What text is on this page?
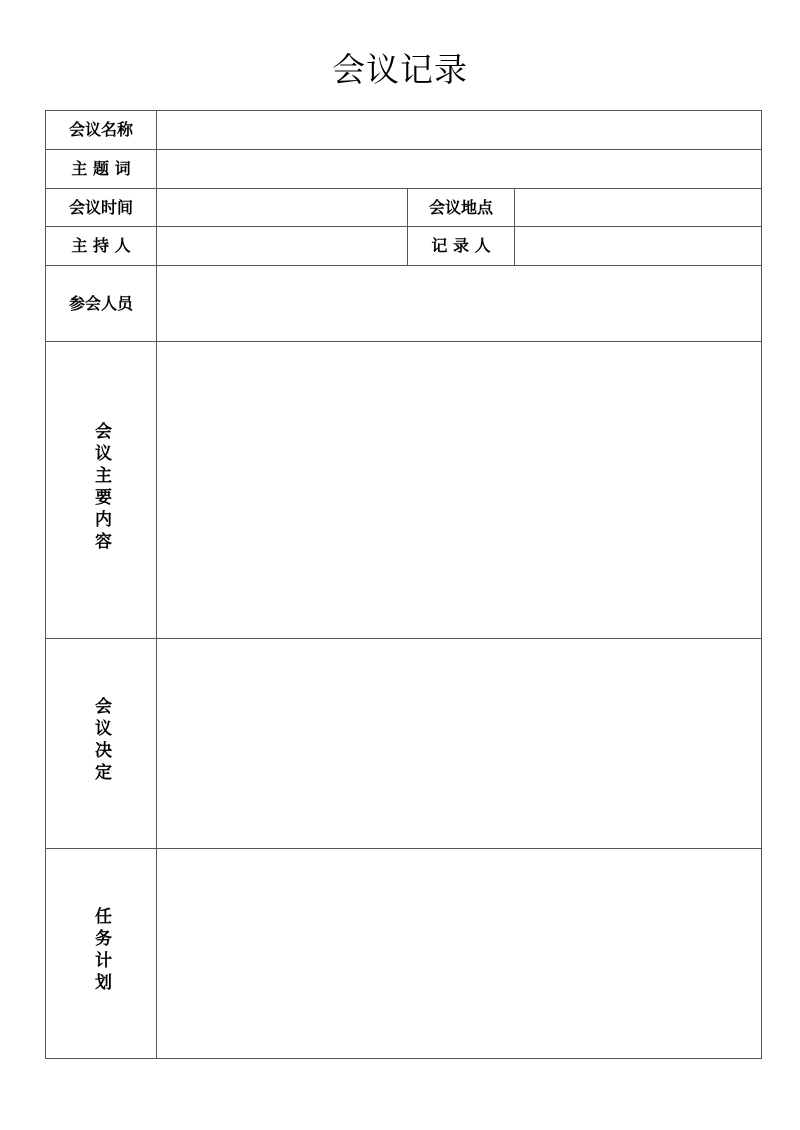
会议记录
会议名称			
主 题 词			
会议时间		会议地点	
主 持 人		记 录 人	
参会人员			
会议主要内容			
会议决定			
任务计划			
